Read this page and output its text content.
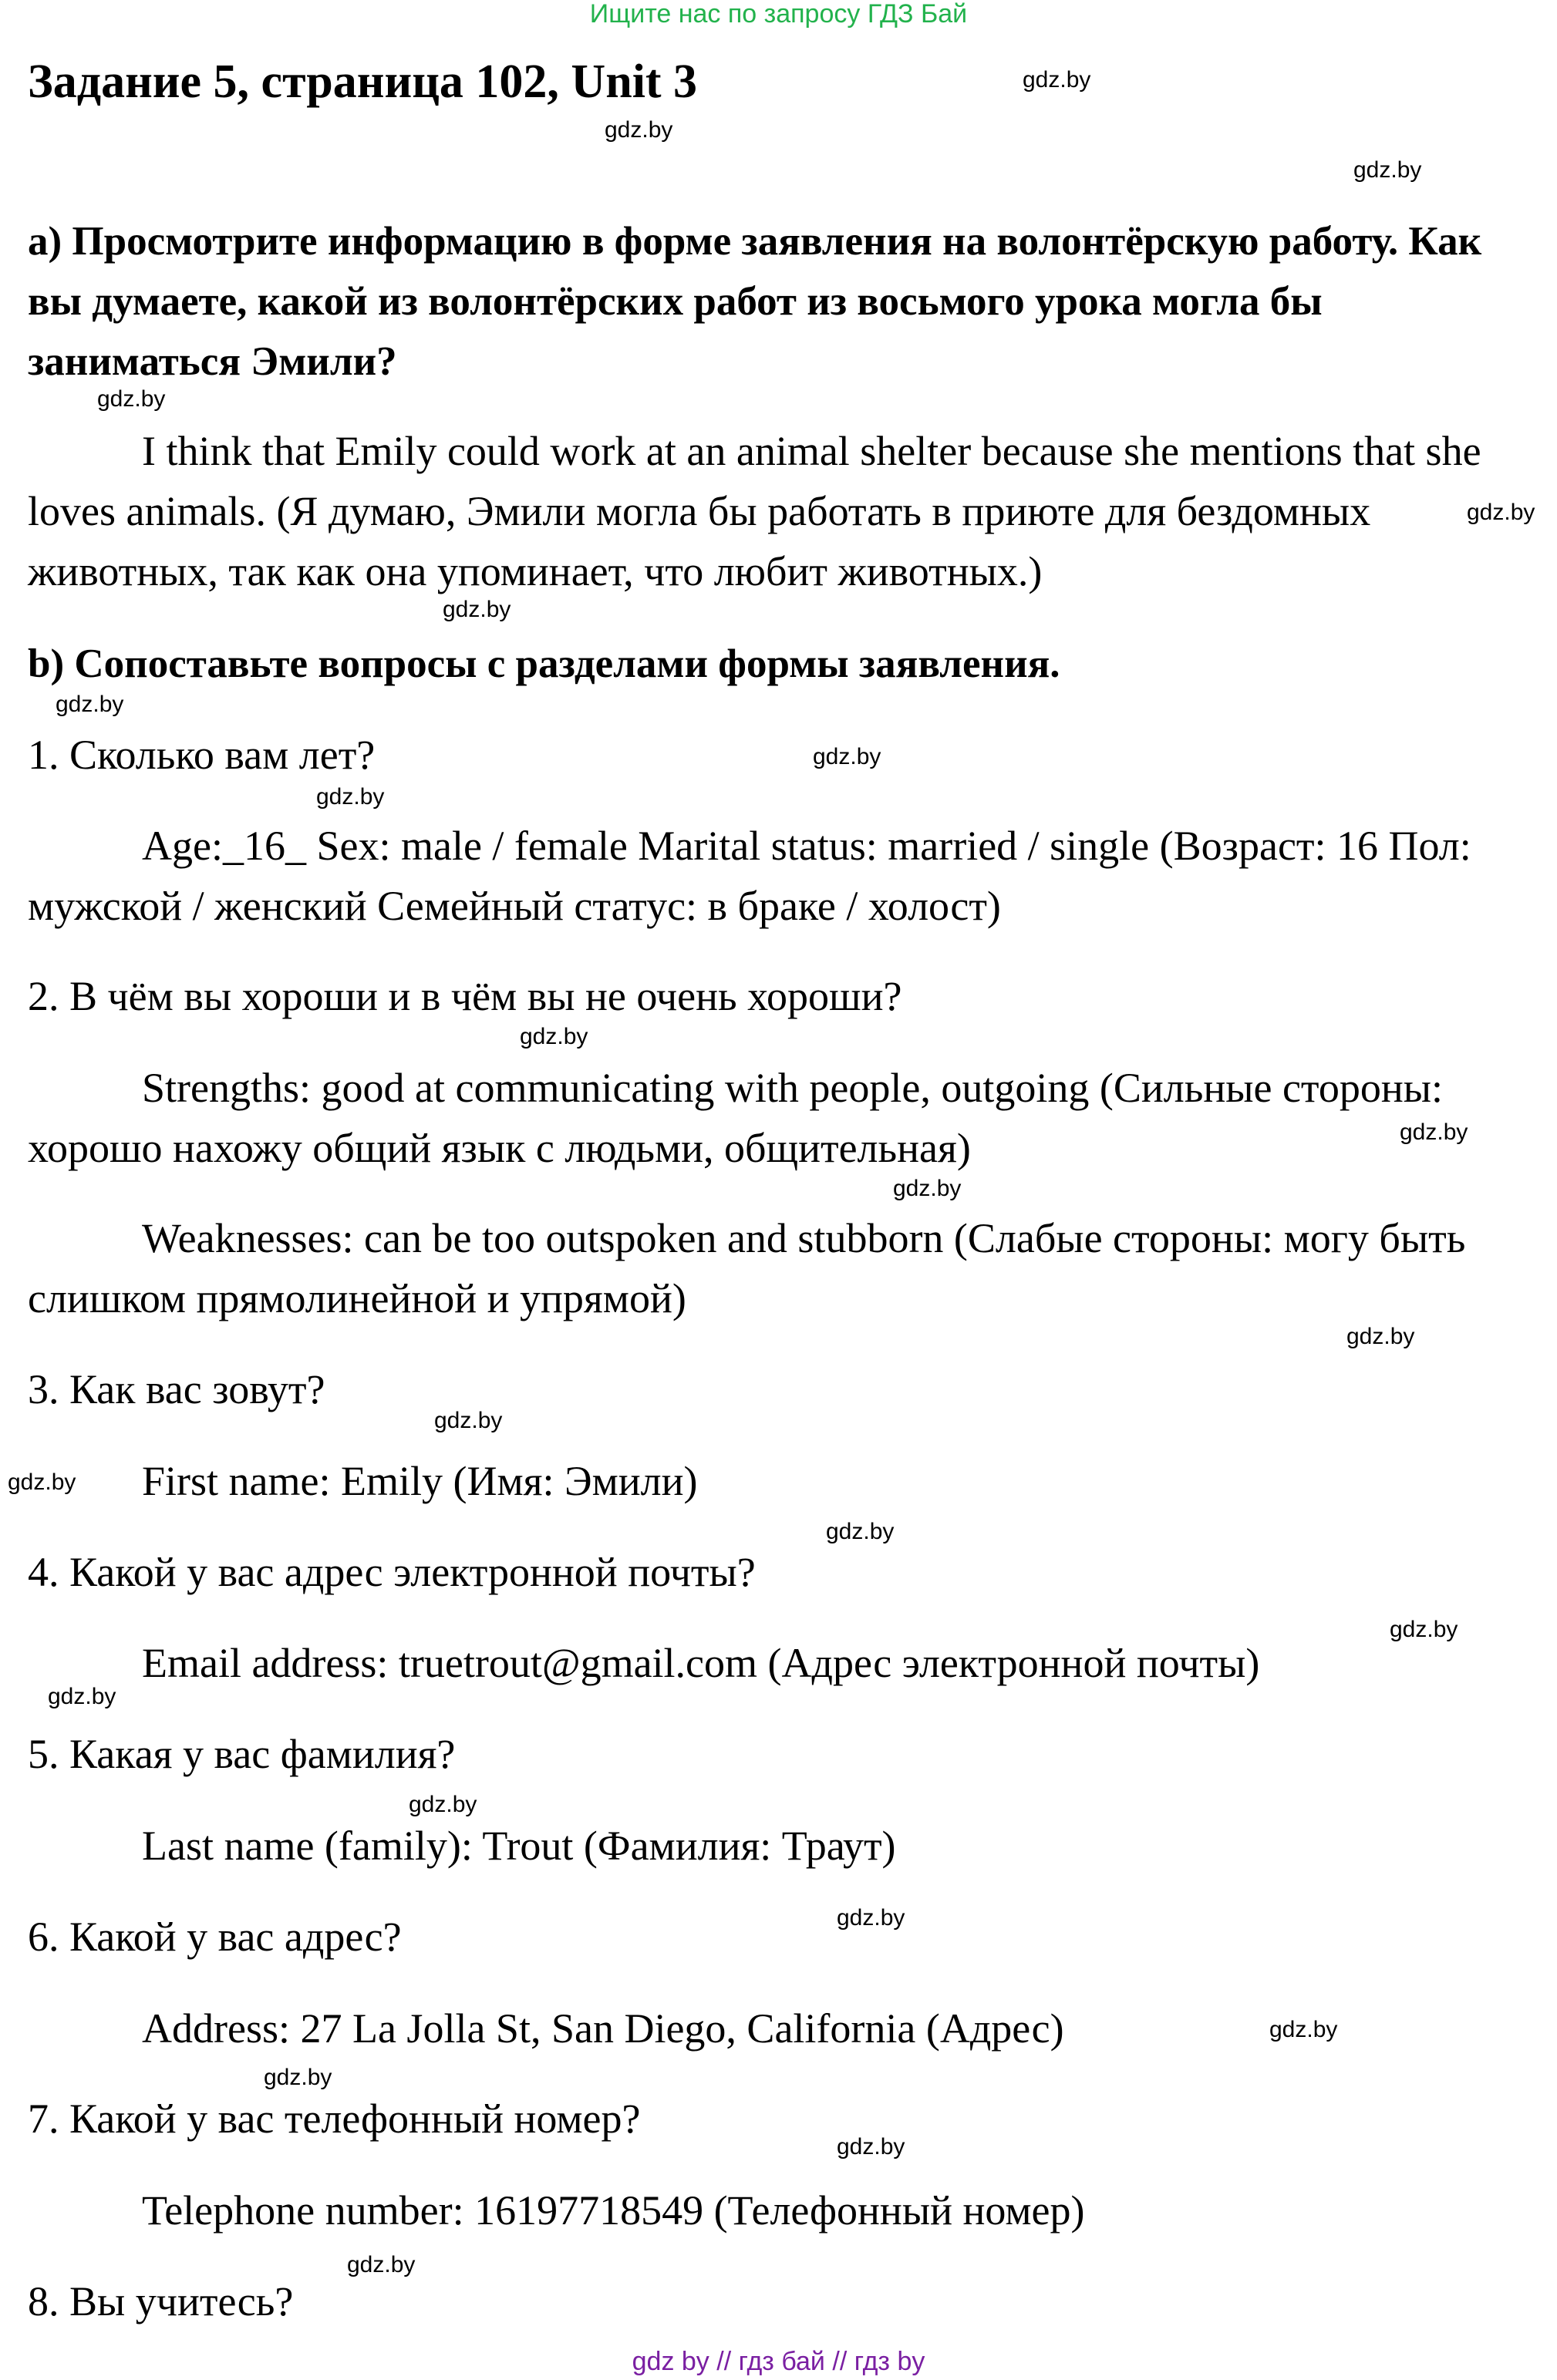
Ищите нас по запросу ГДЗ Бай
Задание 5, страница 102, Unit 3

a) Просмотрите информацию в форме заявления на волонтёрскую работу. Как вы думаете, какой из волонтёрских работ из восьмого урока могла бы заниматься Эмили?

I think that Emily could work at an animal shelter because she mentions that she loves animals. (Я думаю, Эмили могла бы работать в приюте для бездомных животных, так как она упоминает, что любит животных.)

b) Сопоставьте вопросы с разделами формы заявления.

1. Сколько вам лет?

Age:_16_ Sex: male / female Marital status: married / single (Возраст: 16 Пол: мужской / женский Семейный статус: в браке / холост)

2. В чём вы хороши и в чём вы не очень хороши?

Strengths: good at communicating with people, outgoing (Сильные стороны: хорошо нахожу общий язык с людьми, общительная)

Weaknesses: can be too outspoken and stubborn (Слабые стороны: могу быть слишком прямолинейной и упрямой)

3. Как вас зовут?
First name: Emily (Имя: Эмили)
4. Какой у вас адрес электронной почты?
Email address: truetrout@gmail.com (Адрес электронной почты)
5. Какая у вас фамилия?
Last name (family): Trout (Фамилия: Траут)
6. Какой у вас адрес?
Address: 27 La Jolla St, San Diego, California (Адрес)
7. Какой у вас телефонный номер?
Telephone number: 16197718549 (Телефонный номер)
8. Вы учитесь?
gdz.by
gdz.by
gdz.by
gdz.by
gdz.by
gdz.by
gdz.by
gdz.by
gdz.by
gdz.by
gdz.by
gdz.by
gdz.by
gdz.by
gdz.by
gdz.by
gdz.by
gdz.by
gdz.by
gdz.by
gdz.by
gdz.by
gdz.by
gdz.by
gdz by // гдз бай // гдз by
